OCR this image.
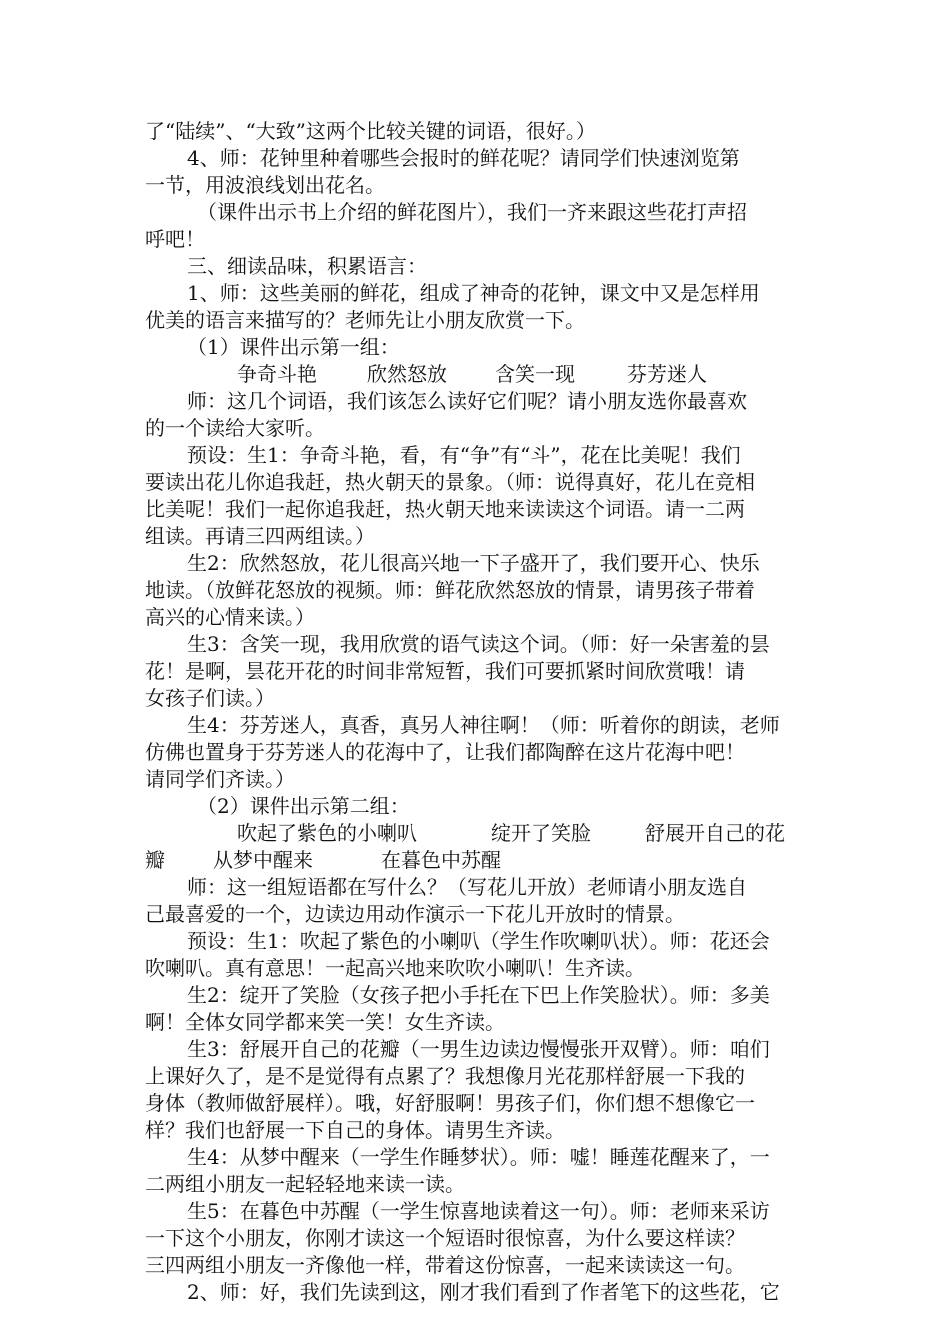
了“陆续”、“大致”这两个比较关键的词语，很好。）
4、师：花钟里种着哪些会报时的鲜花呢？请同学们快速浏览第
一节，用波浪线划出花名。
（课件出示书上介绍的鲜花图片），我们一齐来跟这些花打声招
呼吧！
三、细读品味，积累语言：
1、师：这些美丽的鲜花，组成了神奇的花钟，课文中又是怎样用
优美的语言来描写的？老师先让小朋友欣赏一下。
（1）课件出示第一组：
争奇斗艳	欣然怒放	含笑一现	芬芳迷人
师：这几个词语，我们该怎么读好它们呢？请小朋友选你最喜欢
的一个读给大家听。
预设：生1：争奇斗艳，看，有“争”有“斗”，花在比美呢！我们
要读出花儿你追我赶，热火朝天的景象。（师：说得真好，花儿在竞相
比美呢！我们一起你追我赶，热火朝天地来读读这个词语。请一二两
组读。再请三四两组读。）
生2：欣然怒放，花儿很高兴地一下子盛开了，我们要开心、快乐
地读。（放鲜花怒放的视频。师：鲜花欣然怒放的情景，请男孩子带着
高兴的心情来读。）
生3：含笑一现，我用欣赏的语气读这个词。（师：好一朵害羞的昙
花！是啊，昙花开花的时间非常短暂，我们可要抓紧时间欣赏哦！请
女孩子们读。）
生4：芬芳迷人，真香，真另人神往啊！（师：听着你的朗读，老师
仿佛也置身于芬芳迷人的花海中了，让我们都陶醉在这片花海中吧！
请同学们齐读。）
（2）课件出示第二组：
吹起了紫色的小喇叭	绽开了笑脸	舒展开自己的花
瓣	从梦中醒来	在暮色中苏醒
师：这一组短语都在写什么？（写花儿开放）老师请小朋友选自
己最喜爱的一个，边读边用动作演示一下花儿开放时的情景。
预设：生1：吹起了紫色的小喇叭（学生作吹喇叭状）。师：花还会
吹喇叭。真有意思！一起高兴地来吹吹小喇叭！生齐读。
生2：绽开了笑脸（女孩子把小手托在下巴上作笑脸状）。师：多美
啊！全体女同学都来笑一笑！女生齐读。
生3：舒展开自己的花瓣（一男生边读边慢慢张开双臂）。师：咱们
上课好久了，是不是觉得有点累了？我想像月光花那样舒展一下我的
身体（教师做舒展样）。哦，好舒服啊！男孩子们，你们想不想像它一
样？我们也舒展一下自己的身体。请男生齐读。
生4：从梦中醒来（一学生作睡梦状）。师：嘘！睡莲花醒来了，一
二两组小朋友一起轻轻地来读一读。
生5：在暮色中苏醒（一学生惊喜地读着这一句）。师：老师来采访
一下这个小朋友，你刚才读这一个短语时很惊喜，为什么要这样读？
三四两组小朋友一齐像他一样，带着这份惊喜，一起来读读这一句。
2、师：好，我们先读到这，刚才我们看到了作者笔下的这些花，它
